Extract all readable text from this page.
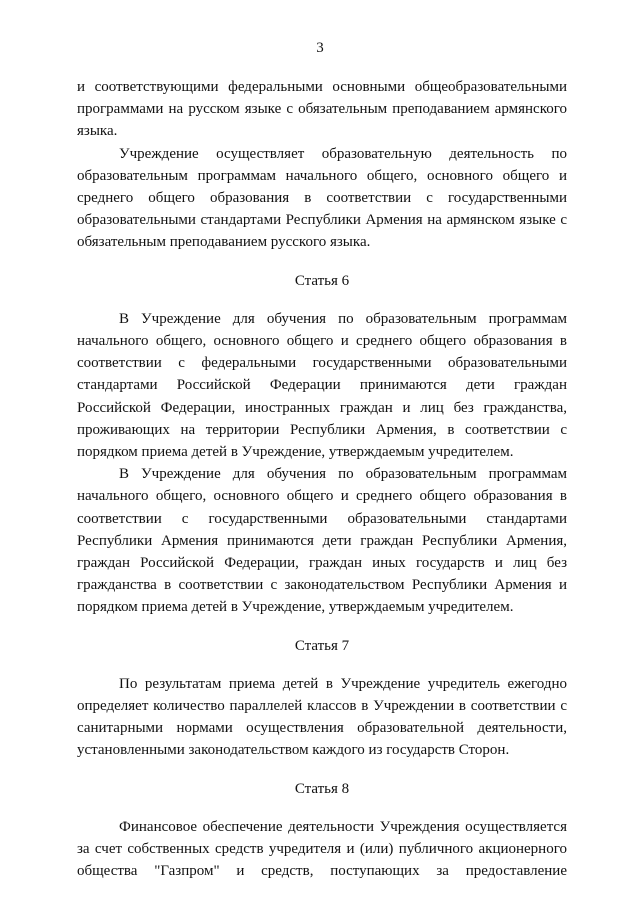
3

и соответствующими федеральными основными общеобразовательными программами на русском языке с обязательным преподаванием армянского языка.

Учреждение осуществляет образовательную деятельность по образовательным программам начального общего, основного общего и среднего общего образования в соответствии с государственными образовательными стандартами Республики Армения на армянском языке с обязательным преподаванием русского языка.

Статья 6

В Учреждение для обучения по образовательным программам начального общего, основного общего и среднего общего образования в соответствии с федеральными государственными образовательными стандартами Российской Федерации принимаются дети граждан Российской Федерации, иностранных граждан и лиц без гражданства, проживающих на территории Республики Армения, в соответствии с порядком приема детей в Учреждение, утверждаемым учредителем.

В Учреждение для обучения по образовательным программам начального общего, основного общего и среднего общего образования в соответствии с государственными образовательными стандартами Республики Армения принимаются дети граждан Республики Армения, граждан Российской Федерации, граждан иных государств и лиц без гражданства в соответствии с законодательством Республики Армения и порядком приема детей в Учреждение, утверждаемым учредителем.

Статья 7

По результатам приема детей в Учреждение учредитель ежегодно определяет количество параллелей классов в Учреждении в соответствии с санитарными нормами осуществления образовательной деятельности, установленными законодательством каждого из государств Сторон.

Статья 8

Финансовое обеспечение деятельности Учреждения осуществляется за счет собственных средств учредителя и (или) публичного акционерного общества "Газпром" и средств, поступающих за предоставление
